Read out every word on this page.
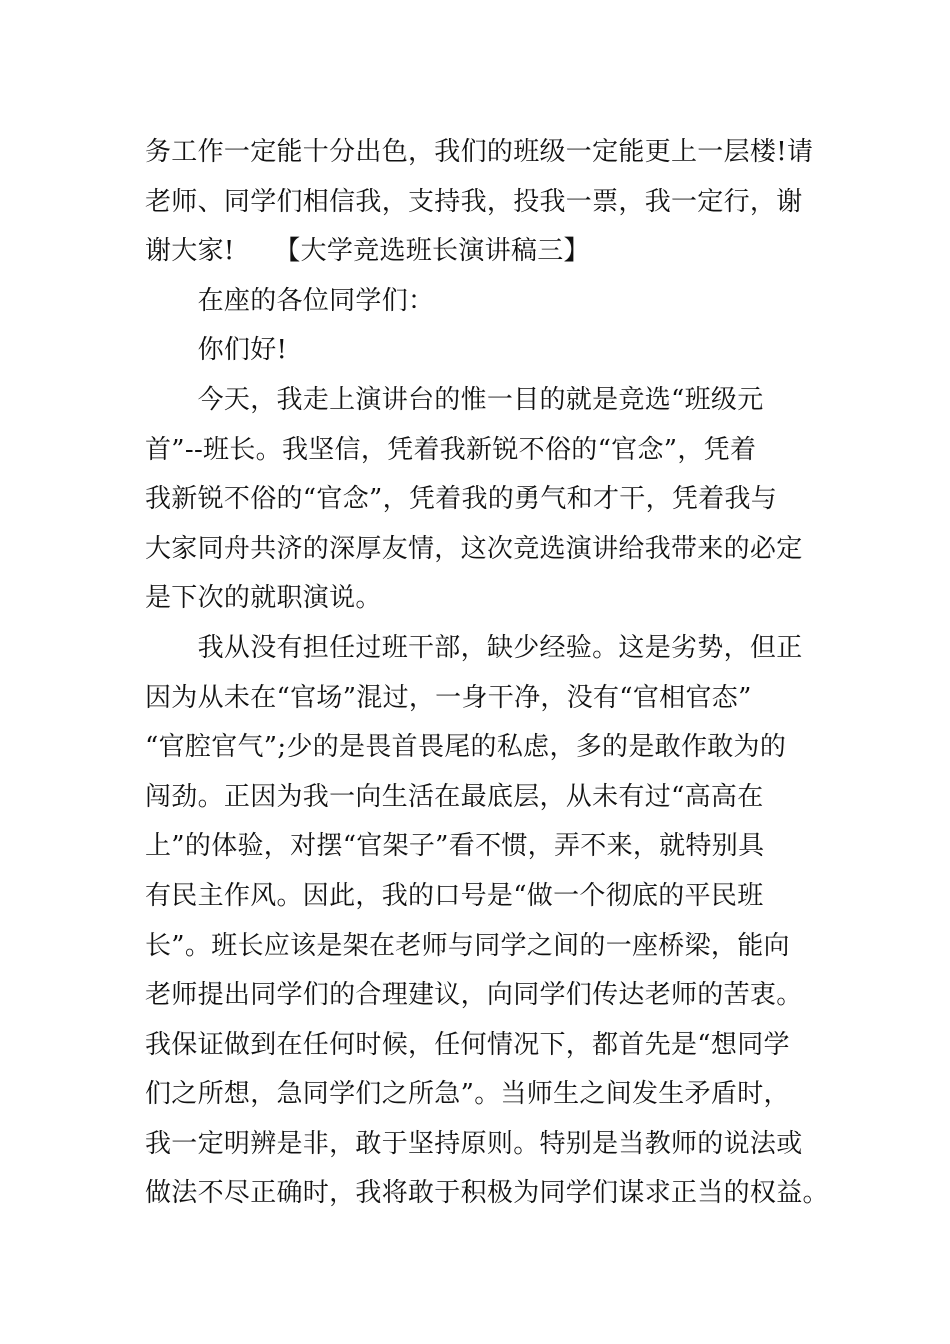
务工作一定能十分出色，我们的班级一定能更上一层楼!请
老师、同学们相信我，支持我，投我一票，我一定行，谢
谢大家!　　【大学竞选班长演讲稿三】
　　在座的各位同学们：
　　你们好!
　　今天，我走上演讲台的惟一目的就是竞选“班级元
首”--班长。我坚信，凭着我新锐不俗的“官念”，凭着
我新锐不俗的“官念”，凭着我的勇气和才干，凭着我与
大家同舟共济的深厚友情，这次竞选演讲给我带来的必定
是下次的就职演说。
　　我从没有担任过班干部，缺少经验。这是劣势，但正
因为从未在“官场”混过，一身干净，没有“官相官态”
“官腔官气”;少的是畏首畏尾的私虑，多的是敢作敢为的
闯劲。正因为我一向生活在最底层，从未有过“高高在
上”的体验，对摆“官架子”看不惯，弄不来，就特别具
有民主作风。因此，我的口号是“做一个彻底的平民班
长”。班长应该是架在老师与同学之间的一座桥梁，能向
老师提出同学们的合理建议，向同学们传达老师的苦衷。
我保证做到在任何时候，任何情况下，都首先是“想同学
们之所想，急同学们之所急”。当师生之间发生矛盾时，
我一定明辨是非，敢于坚持原则。特别是当教师的说法或
做法不尽正确时，我将敢于积极为同学们谋求正当的权益。
